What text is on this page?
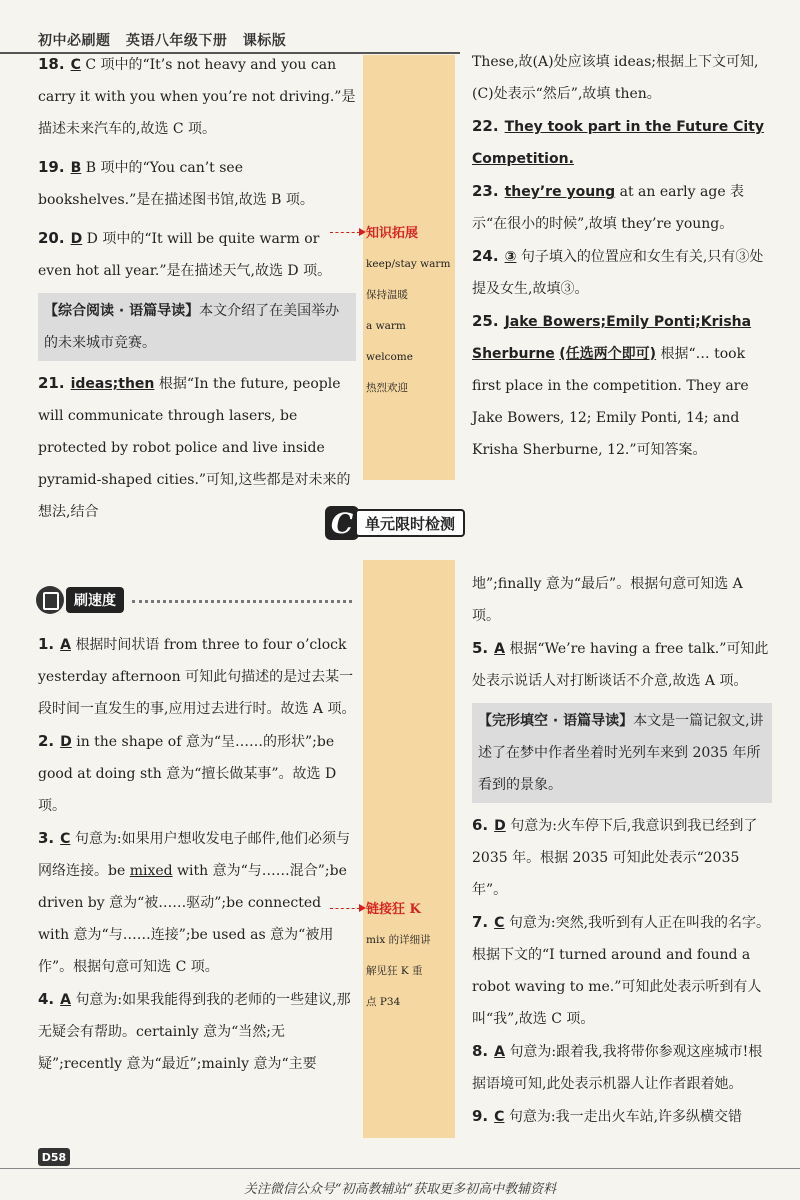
初中必刷题 英语八年级下册 课标版

18. C C 项中的“It’s not heavy and you can carry it with you when you’re not driving.”是描述未来汽车的,故选 C 项。

19. B B 项中的“You can’t see bookshelves.”是在描述图书馆,故选 B 项。

20. D D 项中的“It will be quite warm or even hot all year.”是在描述天气,故选 D 项。

【综合阅读 · 语篇导读】本文介绍了在美国举办的未来城市竞赛。

21. ideas;then 根据“In the future, people will communicate through lasers, be protected by robot police and live inside pyramid-shaped cities.”可知,这些都是对未来的想法,结合

知识拓展
keep/stay warm
保持温暖
a warm welcome
热烈欢迎

These,故(A)处应该填 ideas;根据上下文可知,(C)处表示“然后”,故填 then。

22. They took part in the Future City Competition.

23. they’re young at an early age 表示“在很小的时候”,故填 they’re young。

24. ③ 句子填入的位置应和女生有关,只有③处提及女生,故填③。

25. Jake Bowers;Emily Ponti;Krisha Sherburne (任选两个即可) 根据“… took first place in the competition. They are Jake Bowers, 12; Emily Ponti, 14; and Krisha Sherburne, 12.”可知答案。

C 单元限时检测
刷速度

1. A 根据时间状语 from three to four o’clock yesterday afternoon 可知此句描述的是过去某一段时间一直发生的事,应用过去进行时。故选 A 项。

2. D in the shape of 意为“呈……的形状”;be good at doing sth 意为“擅长做某事”。故选 D 项。

3. C 句意为:如果用户想收发电子邮件,他们必须与网络连接。be mixed with 意为“与……混合”;be driven by 意为“被……驱动”;be connected with 意为“与……连接”;be used as 意为“被用作”。根据句意可知选 C 项。

4. A 句意为:如果我能得到我的老师的一些建议,那无疑会有帮助。certainly 意为“当然;无疑”;recently 意为“最近”;mainly 意为“主要

链接狂 K
mix 的详细讲
解见狂 K 重
点 P34

地”;finally 意为“最后”。根据句意可知选 A 项。

5. A 根据“We’re having a free talk.”可知此处表示说话人对打断谈话不介意,故选 A 项。

【完形填空 · 语篇导读】本文是一篇记叙文,讲述了在梦中作者坐着时光列车来到 2035 年所看到的景象。

6. D 句意为:火车停下后,我意识到我已经到了 2035 年。根据 2035 可知此处表示“2035 年”。

7. C 句意为:突然,我听到有人正在叫我的名字。根据下文的“I turned around and found a robot waving to me.”可知此处表示听到有人叫“我”,故选 C 项。

8. A 句意为:跟着我,我将带你参观这座城市!根据语境可知,此处表示机器人让作者跟着她。

9. C 句意为:我一走出火车站,许多纵横交错

D58
关注微信公众号“初高教辅站”获取更多初高中教辅资料
